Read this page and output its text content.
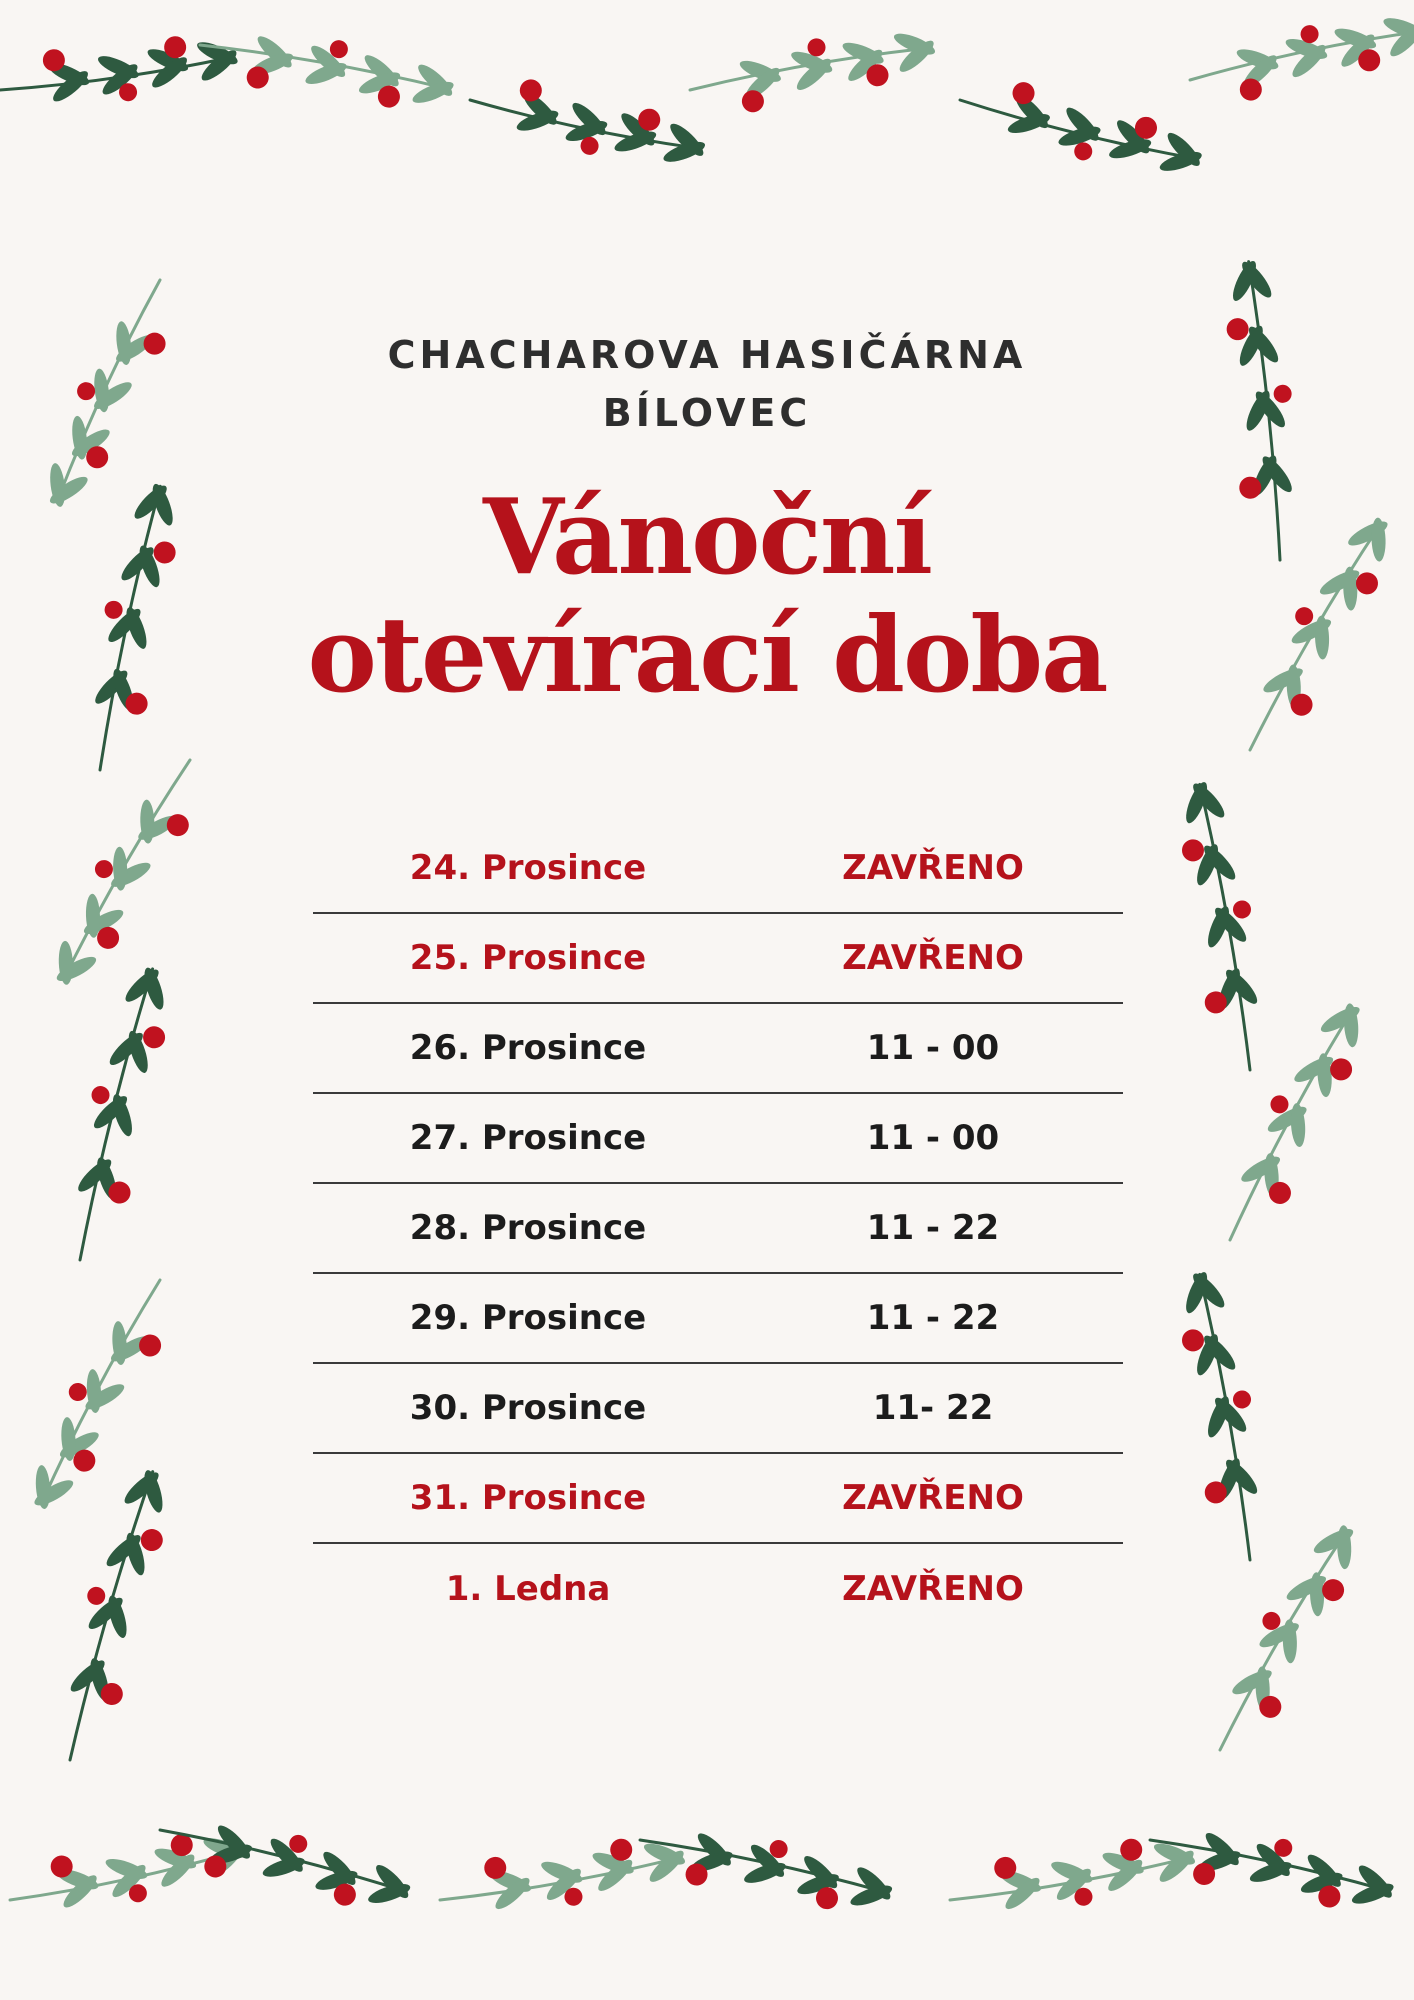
CHACHAROVA HASIČÁRNA
BÍLOVEC
Vánoční
otevírací doba
24. Prosince	ZAVŘENO
25. Prosince	ZAVŘENO
26. Prosince	11 - 00
27. Prosince	11 - 00
28. Prosince	11 - 22
29. Prosince	11 - 22
30. Prosince	11- 22
31. Prosince	ZAVŘENO
1. Ledna	ZAVŘENO
